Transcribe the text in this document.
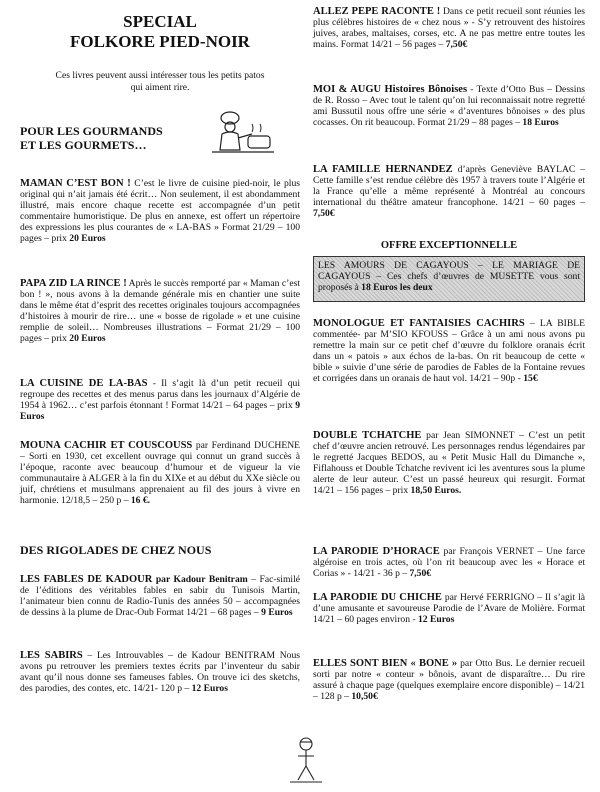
SPECIAL
FOLKORE PIED-NOIR
Ces livres peuvent aussi intéresser tous les petits patos
qui aiment rire.
POUR LES GOURMANDS
ET LES GOURMETS…

MAMAN C’EST BON ! C’est le livre de cuisine pied-noir, le plus original qui n’ait jamais été écrit… Non seulement, il est abondamment illustré, mais encore chaque recette est accompagnée d’un petit commentaire humoristique. De plus en annexe, est offert un répertoire des expressions les plus courantes de « LA-BAS » Format 21/29 – 100 pages – prix 20 Euros

PAPA ZID LA RINCE ! Après le succès remporté par « Maman c’est bon ! », nous avons à la demande générale mis en chantier une suite dans le même état d’esprit des recettes originales toujours accompagnées d’histoires à mourir de rire… une « bosse de rigolade » et une cuisine remplie de soleil… Nombreuses illustrations – Format 21/29 – 100 pages – prix 20 Euros

LA CUISINE DE LA-BAS - Il s’agit là d’un petit recueil qui regroupe des recettes et des menus parus dans les journaux d’Algérie de 1954 à 1962… c’est parfois étonnant ! Format 14/21 – 64 pages – prix 9 Euros

MOUNA CACHIR ET COUSCOUSS par Ferdinand DUCHENE – Sorti en 1930, cet excellent ouvrage qui connut un grand succès à l’époque, raconte avec beaucoup d’humour et de vigueur la vie communautaire à ALGER à la fin du XIXe et au début du XXe siècle ou juif, chrétiens et musulmans apprenaient au fil des jours à vivre en harmonie. 12/18,5 – 250 p – 16 €.

DES RIGOLADES DE CHEZ NOUS

LES FABLES DE KADOUR par Kadour Benitram – Fac-similé de l’éditions des véritables fables en sabir du Tunisois Martin, l’animateur bien connu de Radio-Tunis des années 50 – accompagnées de dessins à la plume de Drac-Oub Format 14/21 – 68 pages – 9 Euros

LES SABIRS – Les Introuvables – de Kadour BENITRAM Nous avons pu retrouver les premiers textes écrits par l’inventeur du sabir avant qu’il nous donne ses fameuses fables. On trouve ici des sketchs, des parodies, des contes, etc. 14/21- 120 p – 12 Euros

ALLEZ PEPE RACONTE ! Dans ce petit recueil sont réunies les plus célèbres histoires de « chez nous » - S’y retrouvent des histoires juives, arabes, maltaises, corses, etc. A ne pas mettre entre toutes les mains. Format 14/21 – 56 pages – 7,50€

MOI & AUGU Histoires Bônoises - Texte d’Otto Bus – Dessins de R. Rosso – Avec tout le talent qu’on lui reconnaissait notre regretté ami Bussutil nous offre une série « d’aventures bônoises » des plus cocasses. On rit beaucoup. Format 21/29 – 88 pages – 18 Euros

LA FAMILLE HERNANDEZ d’après Geneviève BAYLAC – Cette famille s’est rendue célèbre dès 1957 à travers toute l’Algérie et la France qu’elle a même représenté à Montréal au concours international du théâtre amateur francophone. 14/21 – 60 pages – 7,50€

OFFRE EXCEPTIONNELLE

LES AMOURS DE CAGAYOUS – LE MARIAGE DE CAGAYOUS – Ces chefs d’œuvres de MUSETTE vous sont proposés à 18 Euros les deux

MONOLOGUE ET FANTAISIES CACHIRS – LA BIBLE commentée- par M’SIO KFOUSS – Grâce à un ami nous avons pu remettre la main sur ce petit chef d’œuvre du folklore oranais écrit dans un « patois » aux échos de la-bas. On rit beaucoup de cette « bible » suivie d’une série de parodies de Fables de la Fontaine revues et corrigées dans un oranais de haut vol. 14/21 – 90p - 15€

DOUBLE TCHATCHE par Jean SIMONNET – C’est un petit chef d’œuvre ancien retrouvé. Les personnages rendus légendaires par le regretté Jacques BEDOS, au « Petit Music Hall du Dimanche », Fiflahouss et Double Tchatche revivent ici les aventures sous la plume alerte de leur auteur. C’est un passé heureux qui resurgit. Format 14/21 – 156 pages – prix 18,50 Euros.

LA PARODIE D’HORACE par François VERNET – Une farce algéroise en trois actes, où l’on rit beaucoup avec les « Horace et Corias » - 14/21 - 36 p – 7,50€

LA PARODIE DU CHICHE par Hervé FERRIGNO – Il s’agit là d’une amusante et savoureuse Parodie de l’Avare de Molière. Format 14/21 – 60 pages environ - 12 Euros

ELLES SONT BIEN « BONE » par Otto Bus. Le dernier recueil sorti par notre « conteur » bônois, avant de disparaître… Du rire assuré à chaque page (quelques exemplaire encore disponible) – 14/21 – 128 p – 10,50€
